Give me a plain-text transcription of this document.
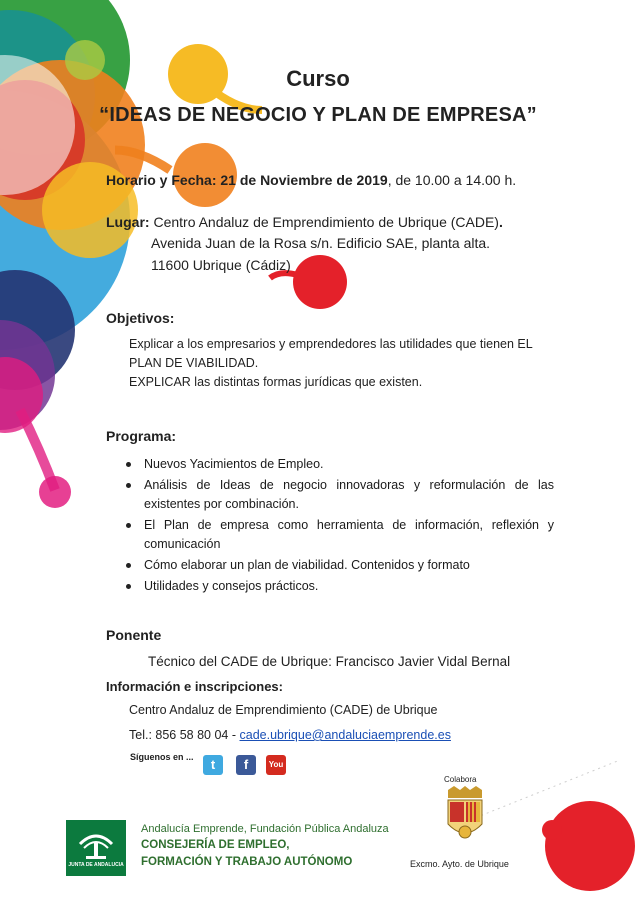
Curso
“IDEAS DE NEGOCIO Y PLAN DE EMPRESA”
Horario y Fecha: 21 de Noviembre de 2019, de 10.00 a 14.00 h.
Lugar: Centro Andaluz de Emprendimiento de Ubrique (CADE).
Avenida Juan de la Rosa s/n. Edificio SAE, planta alta.
11600 Ubrique (Cádiz)
Objetivos:
Explicar a los empresarios y emprendedores las utilidades que tienen EL
PLAN DE VIABILIDAD.
EXPLICAR las distintas formas jurídicas que existen.
Programa:
Nuevos Yacimientos de Empleo.
Análisis de Ideas de negocio innovadoras y reformulación de las existentes por combinación.
El Plan de empresa como herramienta de información, reflexión y comunicación
Cómo elaborar un plan de viabilidad. Contenidos y formato
Utilidades y consejos prácticos.
Ponente
Técnico del CADE de Ubrique: Francisco Javier Vidal Bernal
Información e inscripciones:
Centro Andaluz de Emprendimiento (CADE) de Ubrique
Tel.: 856 58 80 04 - cade.ubrique@andaluciaemprende.es
Síguenos en ...	t	f	You
JUNTA DE ANDALUCIA
Andalucía Emprende, Fundación Pública Andaluza
CONSEJERÍA DE EMPLEO,
FORMACIÓN Y TRABAJO AUTÓNOMO
Colabora
Excmo. Ayto. de Ubrique
